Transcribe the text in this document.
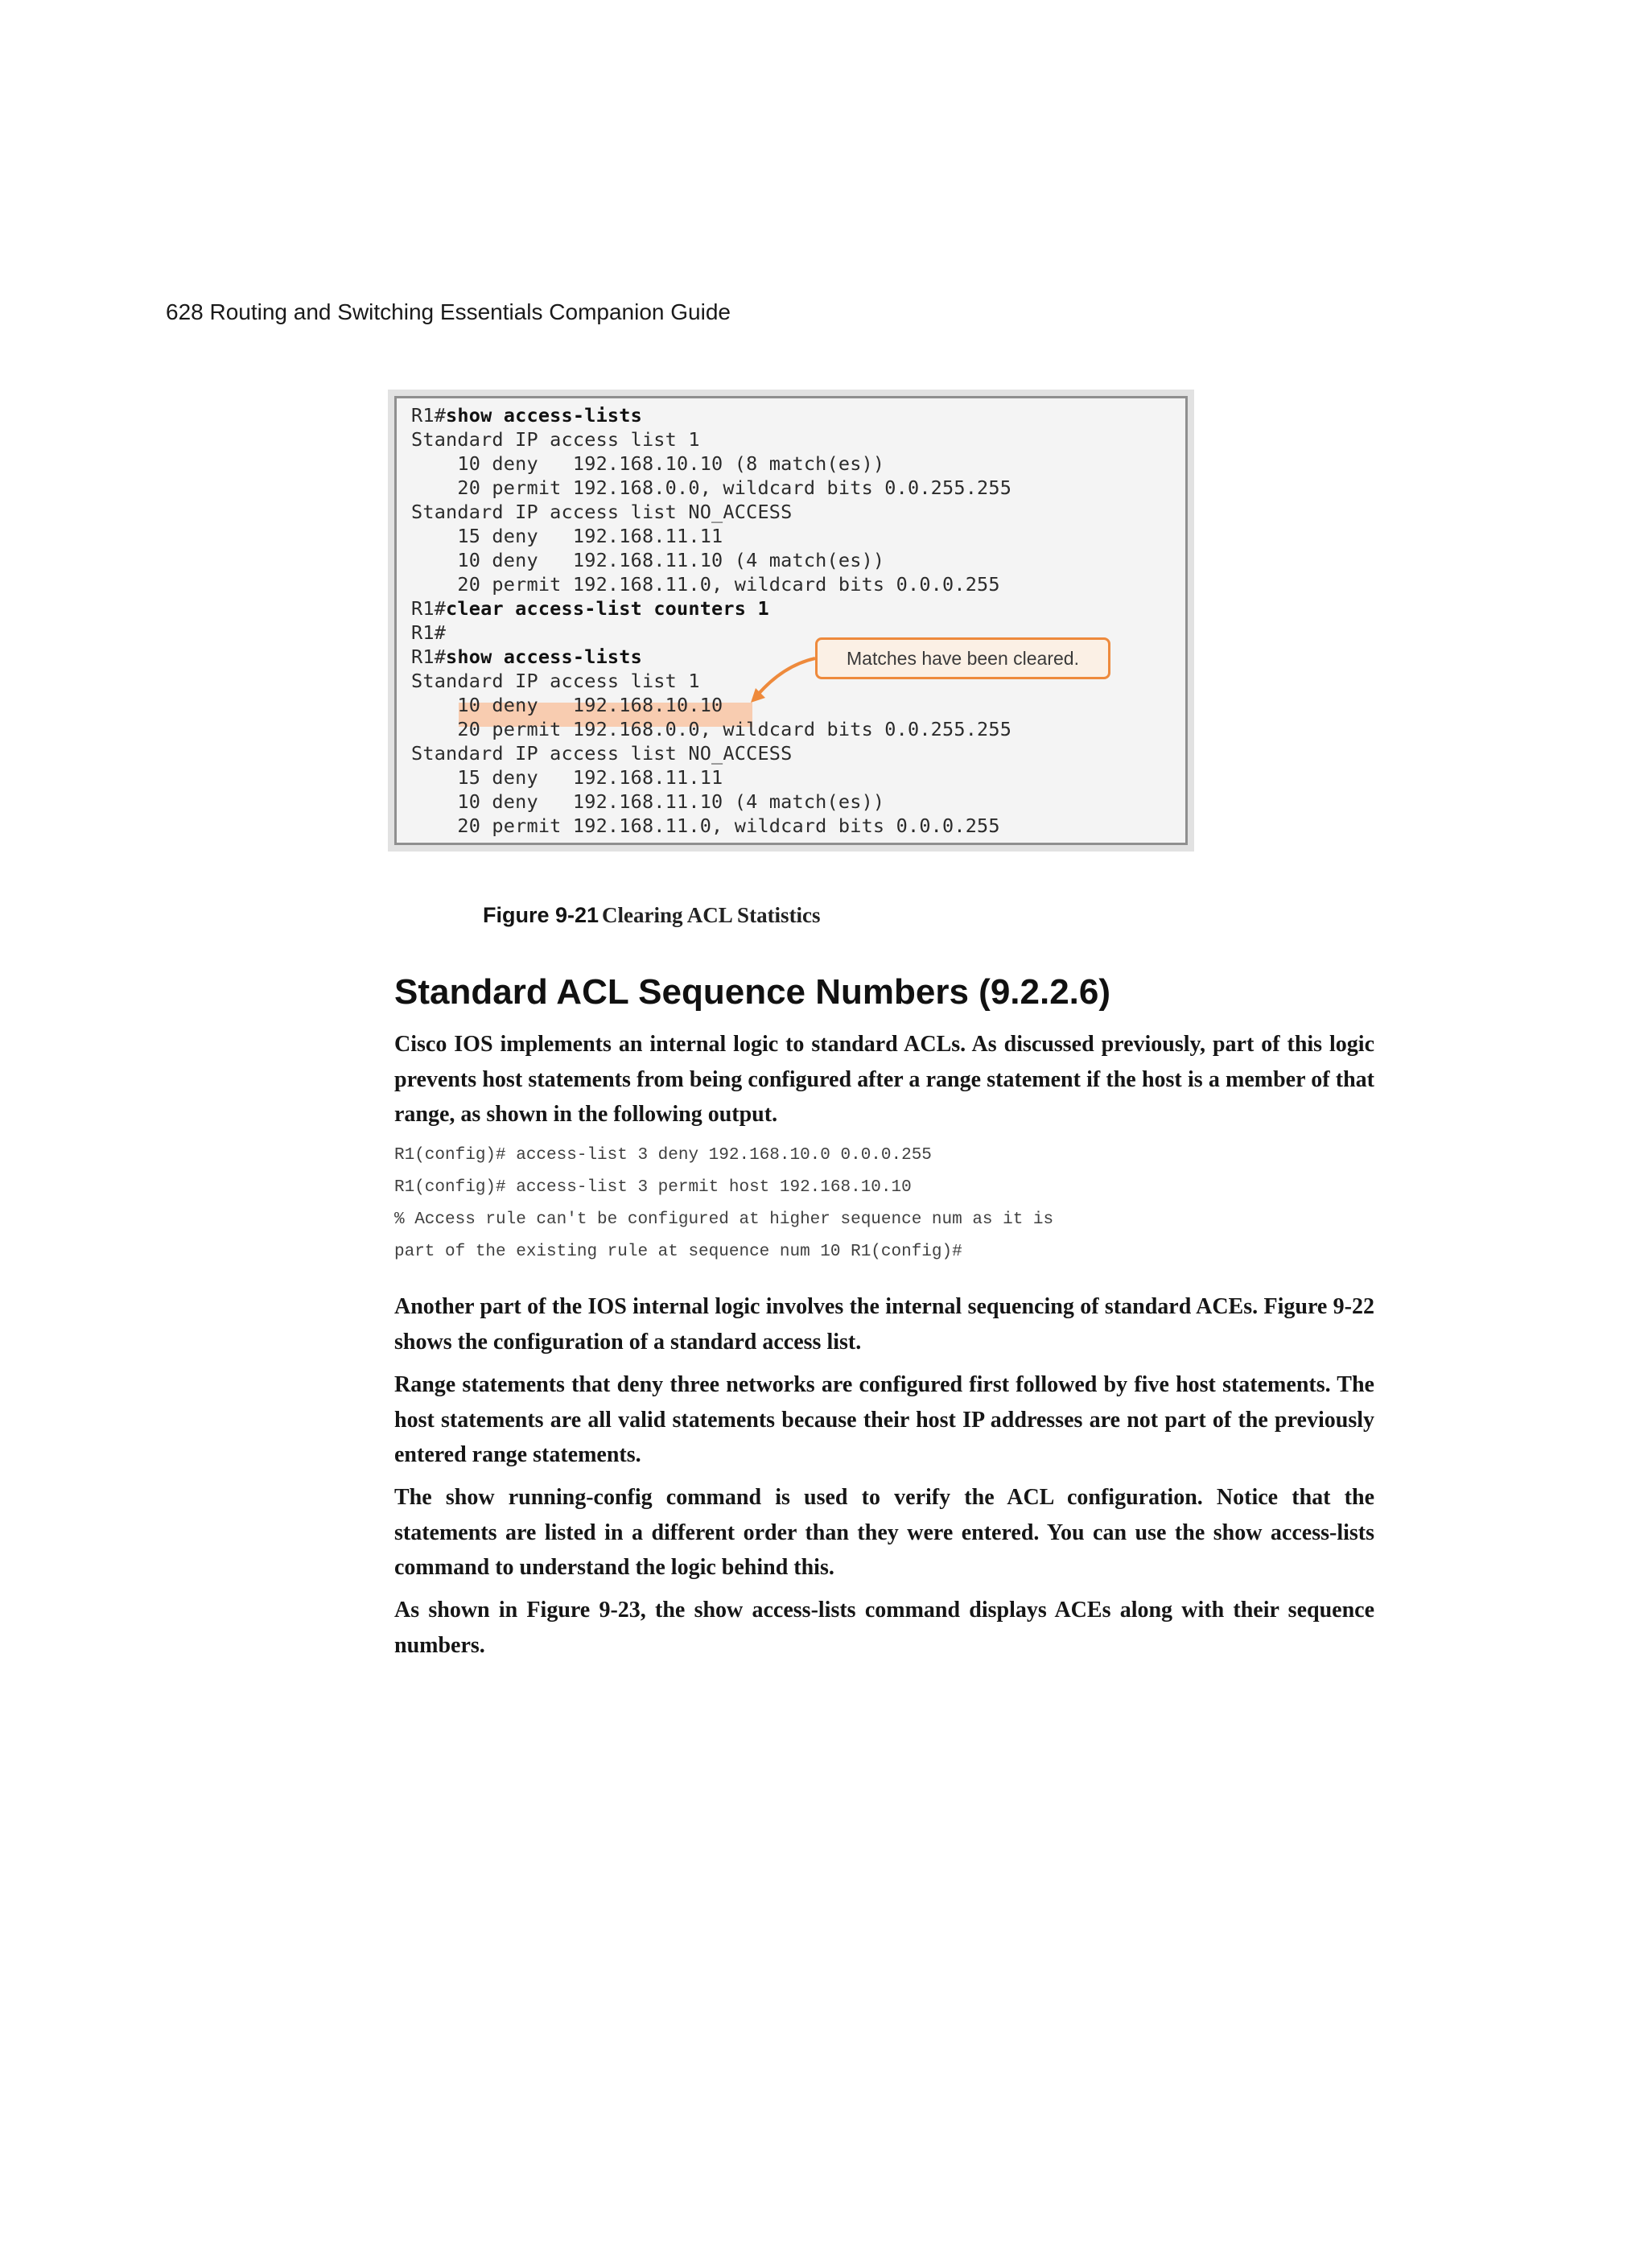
628 Routing and Switching Essentials Companion Guide
Matches have been cleared.
R1#show access-lists
Standard IP access list 1
10 deny   192.168.10.10 (8 match(es))
20 permit 192.168.0.0, wildcard bits 0.0.255.255
Standard IP access list NO_ACCESS
15 deny   192.168.11.11
10 deny   192.168.11.10 (4 match(es))
20 permit 192.168.11.0, wildcard bits 0.0.0.255
R1#clear access-list counters 1
R1#
R1#show access-lists
Standard IP access list 1
10 deny   192.168.10.10
20 permit 192.168.0.0, wildcard bits 0.0.255.255
Standard IP access list NO_ACCESS
15 deny   192.168.11.11
10 deny   192.168.11.10 (4 match(es))
20 permit 192.168.11.0, wildcard bits 0.0.0.255
Figure 9-21 Clearing ACL Statistics
Standard ACL Sequence Numbers (9.2.2.6)

Cisco IOS implements an internal logic to standard ACLs. As discussed previously, part of this logic prevents host statements from being configured after a range statement if the host is a member of that range, as shown in the following output.

R1(config)# access-list 3 deny 192.168.10.0 0.0.0.255
R1(config)# access-list 3 permit host 192.168.10.10
% Access rule can't be configured at higher sequence num as it is
part of the existing rule at sequence num 10 R1(config)#

Another part of the IOS internal logic involves the internal sequencing of standard ACEs. Figure 9-22 shows the configuration of a standard access list.

Range statements that deny three networks are configured first followed by five host statements. The host statements are all valid statements because their host IP addresses are not part of the previously entered range statements.

The show running-config command is used to verify the ACL configuration. Notice that the statements are listed in a different order than they were entered. You can use the show access-lists command to understand the logic behind this.

As shown in Figure 9-23, the show access-lists command displays ACEs along with their sequence numbers.
